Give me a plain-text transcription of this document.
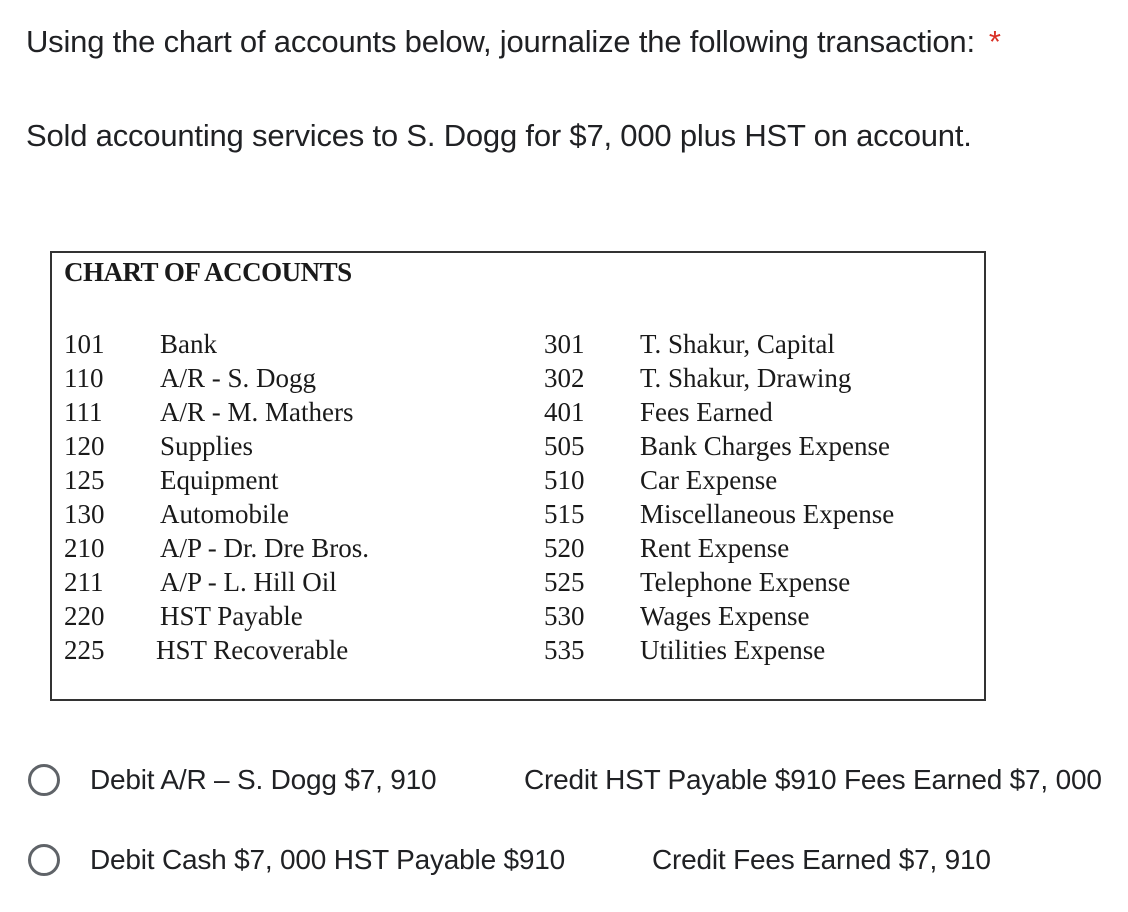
Using the chart of accounts below, journalize the following transaction: *
Sold accounting services to S. Dogg for $7, 000 plus HST on account.
CHART OF ACCOUNTS
101 Bank
110 A/R - S. Dogg
111 A/R - M. Mathers
120 Supplies
125 Equipment
130 Automobile
210 A/P - Dr. Dre Bros.
211 A/P - L. Hill Oil
220 HST Payable
225 HST Recoverable
301 T. Shakur, Capital
302 T. Shakur, Drawing
401 Fees Earned
505 Bank Charges Expense
510 Car Expense
515 Miscellaneous Expense
520 Rent Expense
525 Telephone Expense
530 Wages Expense
535 Utilities Expense
Debit A/R – S. Dogg $7, 910	Credit HST Payable $910 Fees Earned $7, 000
Debit Cash $7, 000 HST Payable $910	Credit Fees Earned $7, 910
